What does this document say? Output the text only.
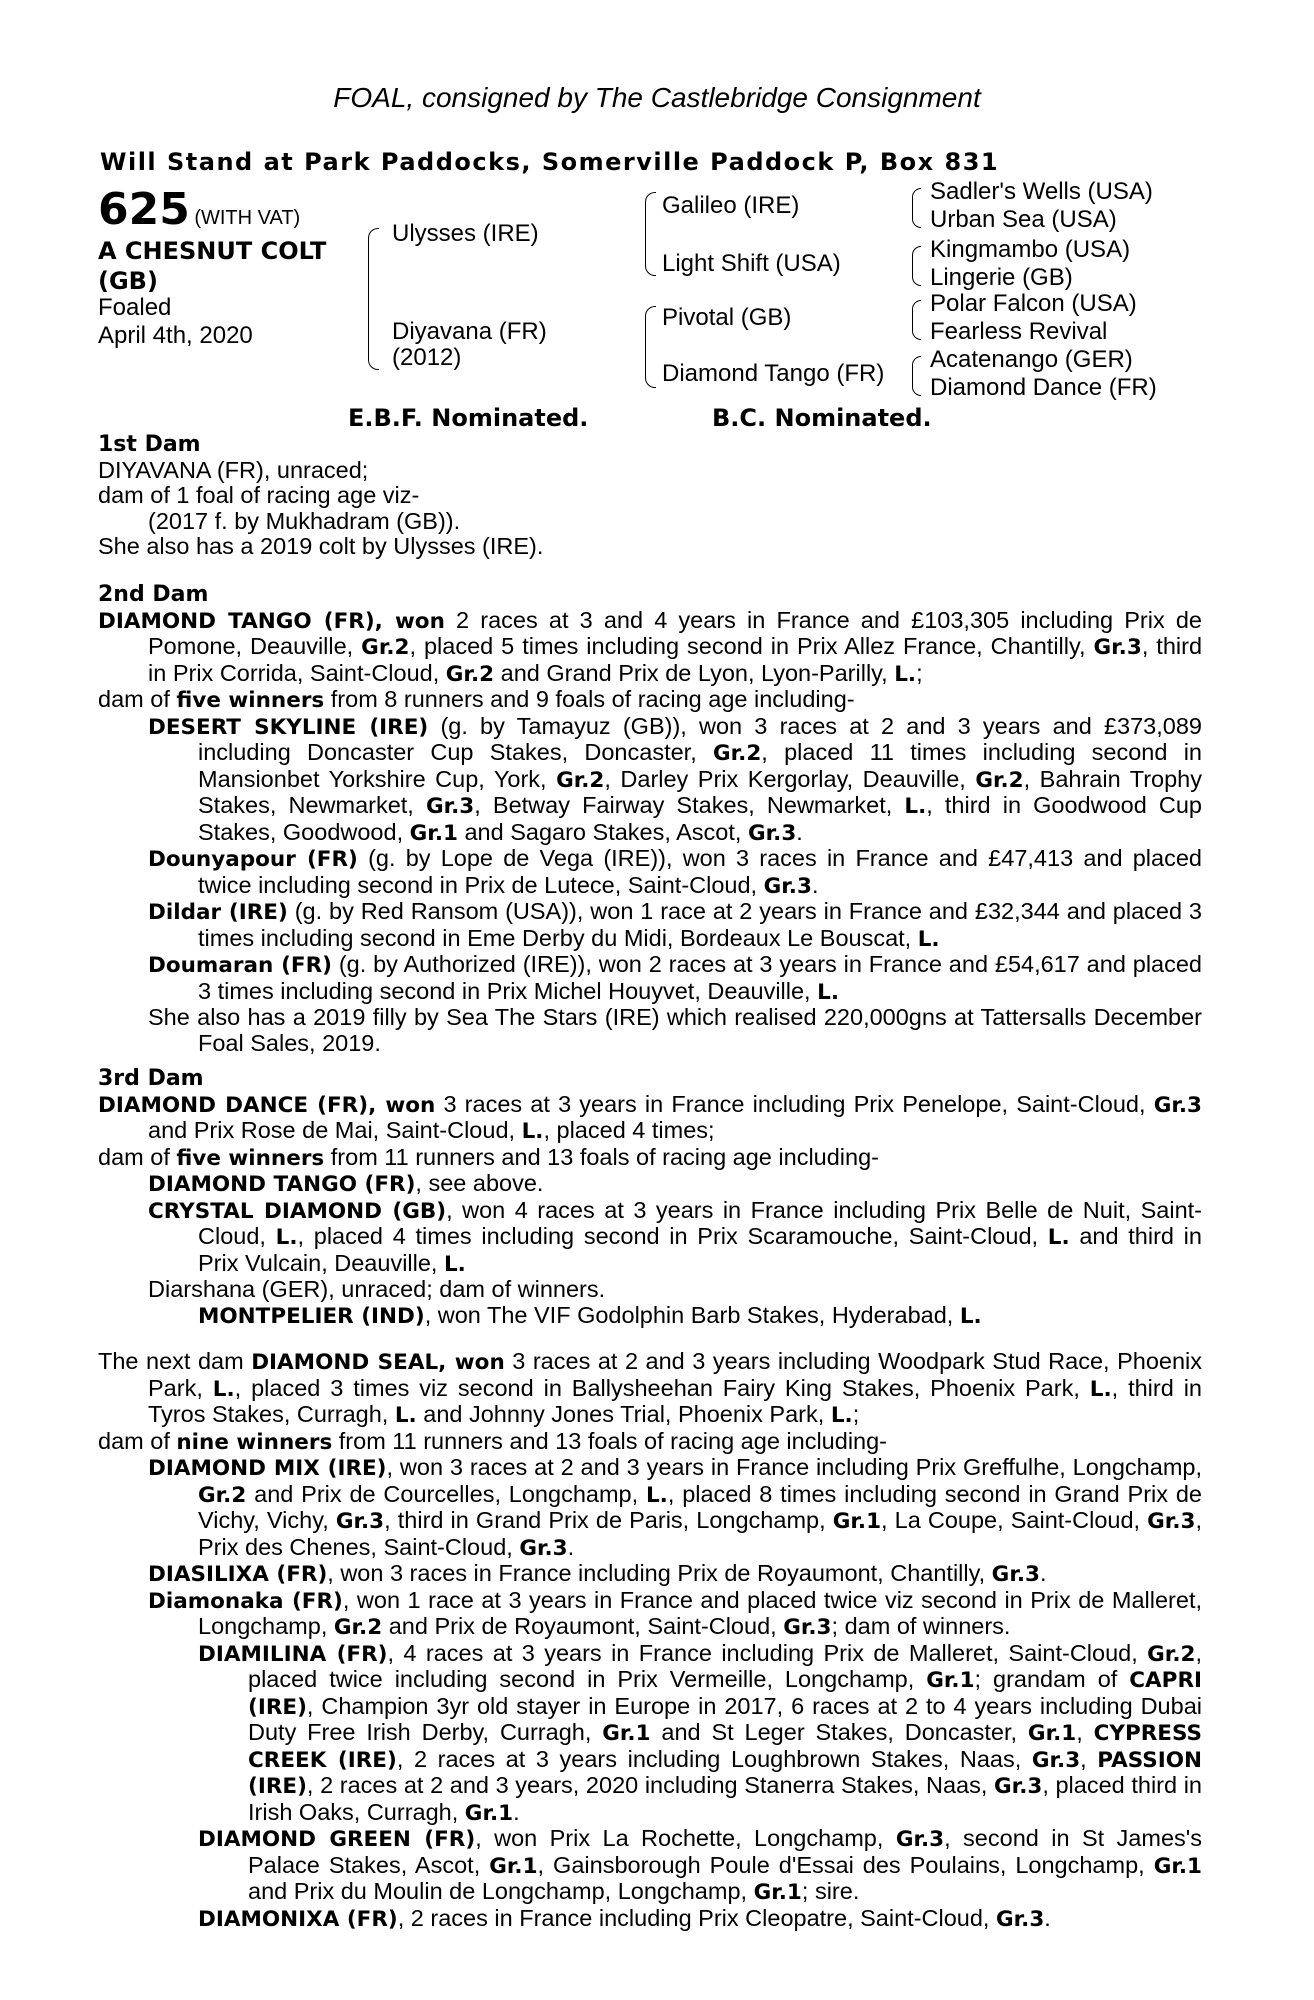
FOAL, consigned by The Castlebridge Consignment
Will Stand at Park Paddocks, Somerville Paddock P, Box 831
625 (WITH VAT)
A CHESNUT COLT
(GB)
Foaled
April 4th, 2020
Ulysses (IRE)
Diyavana (FR)
(2012)
Galileo (IRE)
Light Shift (USA)
Pivotal (GB)
Diamond Tango (FR)
Sadler's Wells (USA)
Urban Sea (USA)
Kingmambo (USA)
Lingerie (GB)
Polar Falcon (USA)
Fearless Revival
Acatenango (GER)
Diamond Dance (FR)
E.B.F. Nominated.	B.C. Nominated.
1st Dam
DIYAVANA (FR), unraced;
dam of 1 foal of racing age viz-
(2017 f. by Mukhadram (GB)).
She also has a 2019 colt by Ulysses (IRE).
2nd Dam
DIAMOND TANGO (FR), won 2 races at 3 and 4 years in France and £103,305 including Prix de Pomone, Deauville, Gr.2, placed 5 times including second in Prix Allez France, Chantilly, Gr.3, third in Prix Corrida, Saint-Cloud, Gr.2 and Grand Prix de Lyon, Lyon-Parilly, L.;
dam of five winners from 8 runners and 9 foals of racing age including-
DESERT SKYLINE (IRE) (g. by Tamayuz (GB)), won 3 races at 2 and 3 years and £373,089 including Doncaster Cup Stakes, Doncaster, Gr.2, placed 11 times including second in Mansionbet Yorkshire Cup, York, Gr.2, Darley Prix Kergorlay, Deauville, Gr.2, Bahrain Trophy Stakes, Newmarket, Gr.3, Betway Fairway Stakes, Newmarket, L., third in Goodwood Cup Stakes, Goodwood, Gr.1 and Sagaro Stakes, Ascot, Gr.3.
Dounyapour (FR) (g. by Lope de Vega (IRE)), won 3 races in France and £47,413 and placed twice including second in Prix de Lutece, Saint-Cloud, Gr.3.
Dildar (IRE) (g. by Red Ransom (USA)), won 1 race at 2 years in France and £32,344 and placed 3 times including second in Eme Derby du Midi, Bordeaux Le Bouscat, L.
Doumaran (FR) (g. by Authorized (IRE)), won 2 races at 3 years in France and £54,617 and placed 3 times including second in Prix Michel Houyvet, Deauville, L.
She also has a 2019 filly by Sea The Stars (IRE) which realised 220,000gns at Tattersalls December Foal Sales, 2019.
3rd Dam
DIAMOND DANCE (FR), won 3 races at 3 years in France including Prix Penelope, Saint-Cloud, Gr.3 and Prix Rose de Mai, Saint-Cloud, L., placed 4 times;
dam of five winners from 11 runners and 13 foals of racing age including-
DIAMOND TANGO (FR), see above.
CRYSTAL DIAMOND (GB), won 4 races at 3 years in France including Prix Belle de Nuit, Saint-Cloud, L., placed 4 times including second in Prix Scaramouche, Saint-Cloud, L. and third in Prix Vulcain, Deauville, L.
Diarshana (GER), unraced; dam of winners.
MONTPELIER (IND), won The VIF Godolphin Barb Stakes, Hyderabad, L.
The next dam DIAMOND SEAL, won 3 races at 2 and 3 years including Woodpark Stud Race, Phoenix Park, L., placed 3 times viz second in Ballysheehan Fairy King Stakes, Phoenix Park, L., third in Tyros Stakes, Curragh, L. and Johnny Jones Trial, Phoenix Park, L.;
dam of nine winners from 11 runners and 13 foals of racing age including-
DIAMOND MIX (IRE), won 3 races at 2 and 3 years in France including Prix Greffulhe, Longchamp, Gr.2 and Prix de Courcelles, Longchamp, L., placed 8 times including second in Grand Prix de Vichy, Vichy, Gr.3, third in Grand Prix de Paris, Longchamp, Gr.1, La Coupe, Saint-Cloud, Gr.3, Prix des Chenes, Saint-Cloud, Gr.3.
DIASILIXA (FR), won 3 races in France including Prix de Royaumont, Chantilly, Gr.3.
Diamonaka (FR), won 1 race at 3 years in France and placed twice viz second in Prix de Malleret, Longchamp, Gr.2 and Prix de Royaumont, Saint-Cloud, Gr.3; dam of winners.
DIAMILINA (FR), 4 races at 3 years in France including Prix de Malleret, Saint-Cloud, Gr.2, placed twice including second in Prix Vermeille, Longchamp, Gr.1; grandam of CAPRI (IRE), Champion 3yr old stayer in Europe in 2017, 6 races at 2 to 4 years including Dubai Duty Free Irish Derby, Curragh, Gr.1 and St Leger Stakes, Doncaster, Gr.1, CYPRESS CREEK (IRE), 2 races at 3 years including Loughbrown Stakes, Naas, Gr.3, PASSION (IRE), 2 races at 2 and 3 years, 2020 including Stanerra Stakes, Naas, Gr.3, placed third in Irish Oaks, Curragh, Gr.1.
DIAMOND GREEN (FR), won Prix La Rochette, Longchamp, Gr.3, second in St James's Palace Stakes, Ascot, Gr.1, Gainsborough Poule d'Essai des Poulains, Longchamp, Gr.1 and Prix du Moulin de Longchamp, Longchamp, Gr.1; sire.
DIAMONIXA (FR), 2 races in France including Prix Cleopatre, Saint-Cloud, Gr.3.
